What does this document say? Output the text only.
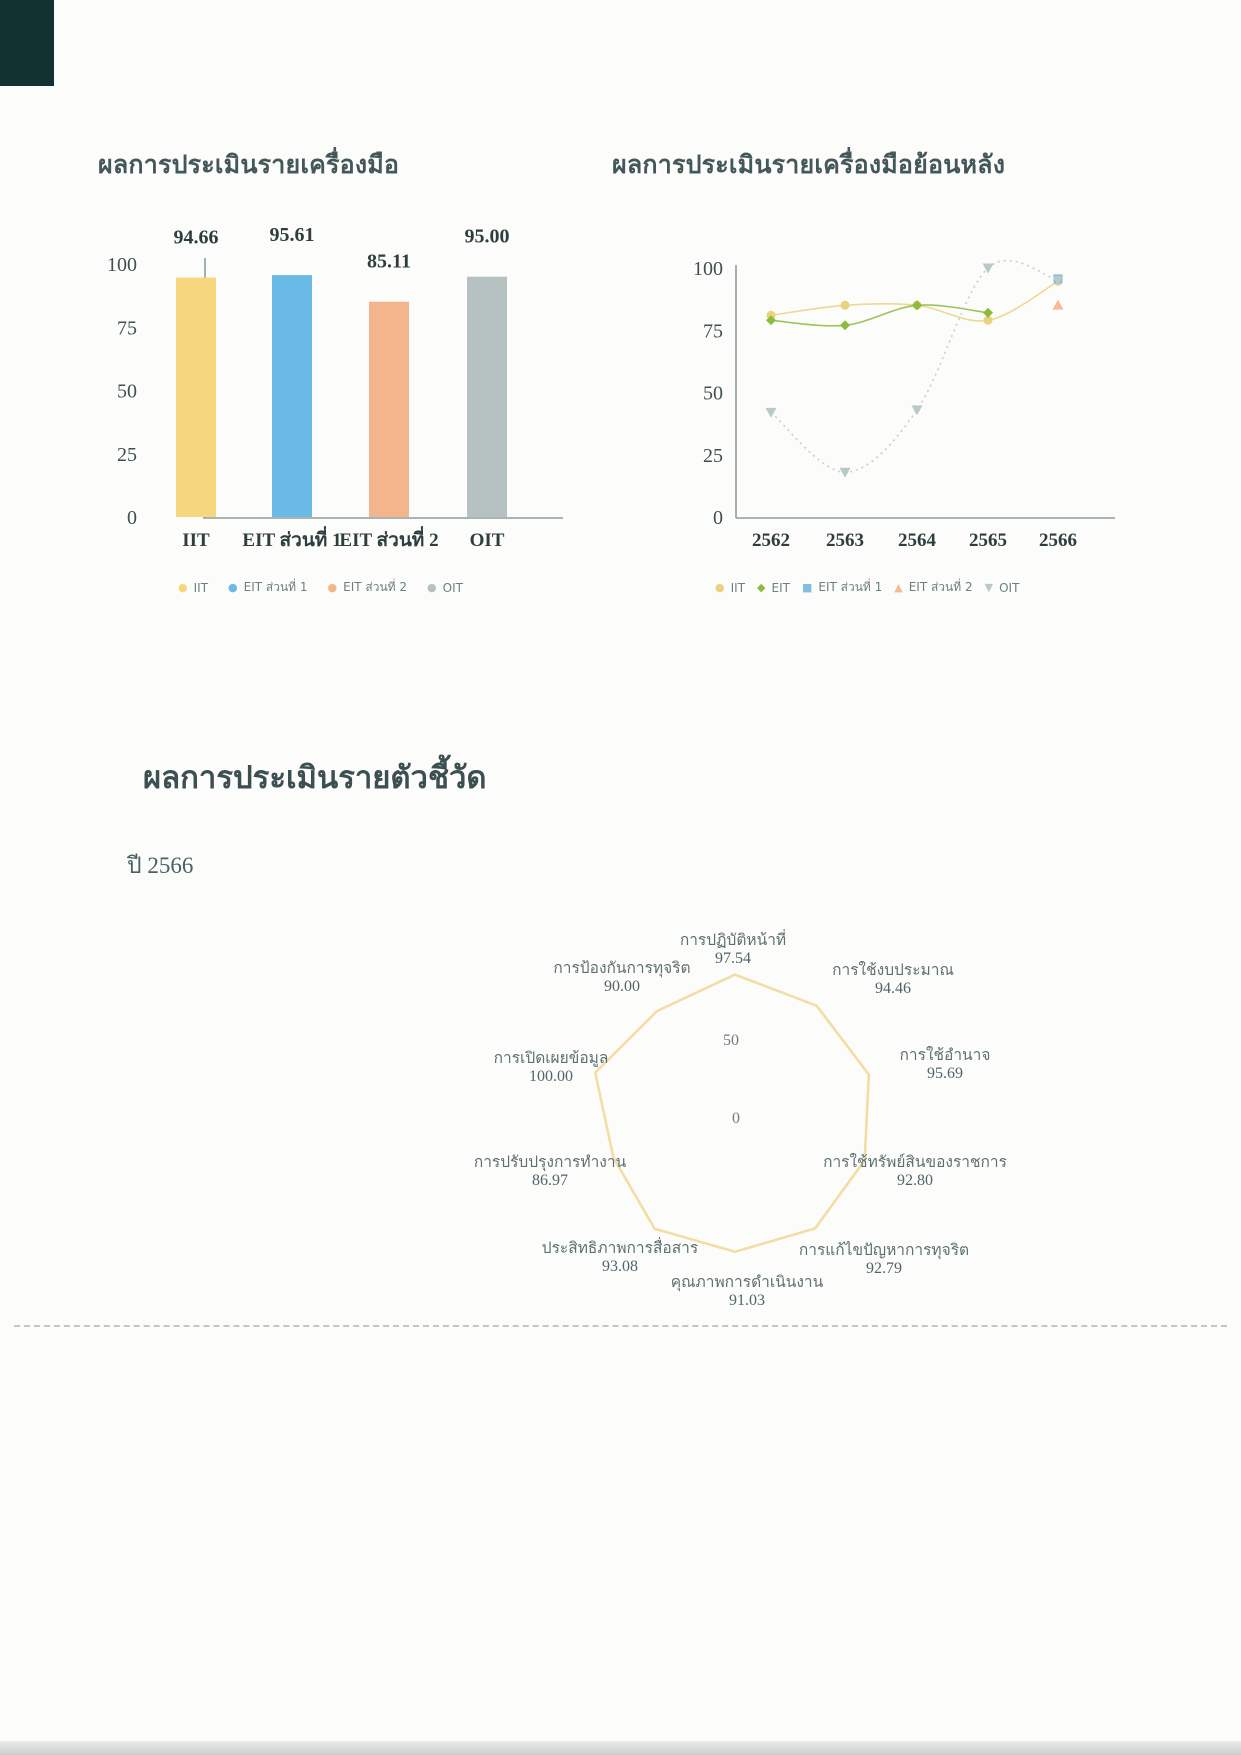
ผลการประเมินรายเครื่องมือ
0
25
50
75
100
94.66
IIT
95.61
EIT ส่วนที่ 1
85.11
EIT ส่วนที่ 2
95.00
OIT
● IIT ● EIT ส่วนที่ 1 ● EIT ส่วนที่ 2 ● OIT
ผลการประเมินรายเครื่องมือย้อนหลัง
0
25
50
75
100
2562 2563 2564 2565 2566
● IIT ◆ EIT ■ EIT ส่วนที่ 1 ▲ EIT ส่วนที่ 2 ▼ OIT
ผลการประเมินรายตัวชี้วัด
ปี 2566
การปฏิบัติหน้าที่
97.54
การใช้งบประมาณ
94.46
การใช้อำนาจ
95.69
การใช้ทรัพย์สินของราชการ
92.80
การแก้ไขปัญหาการทุจริต
92.79
คุณภาพการดำเนินงาน
91.03
ประสิทธิภาพการสื่อสาร
93.08
การปรับปรุงการทำงาน
86.97
การเปิดเผยข้อมูล
100.00
การป้องกันการทุจริต
90.00
50
0
